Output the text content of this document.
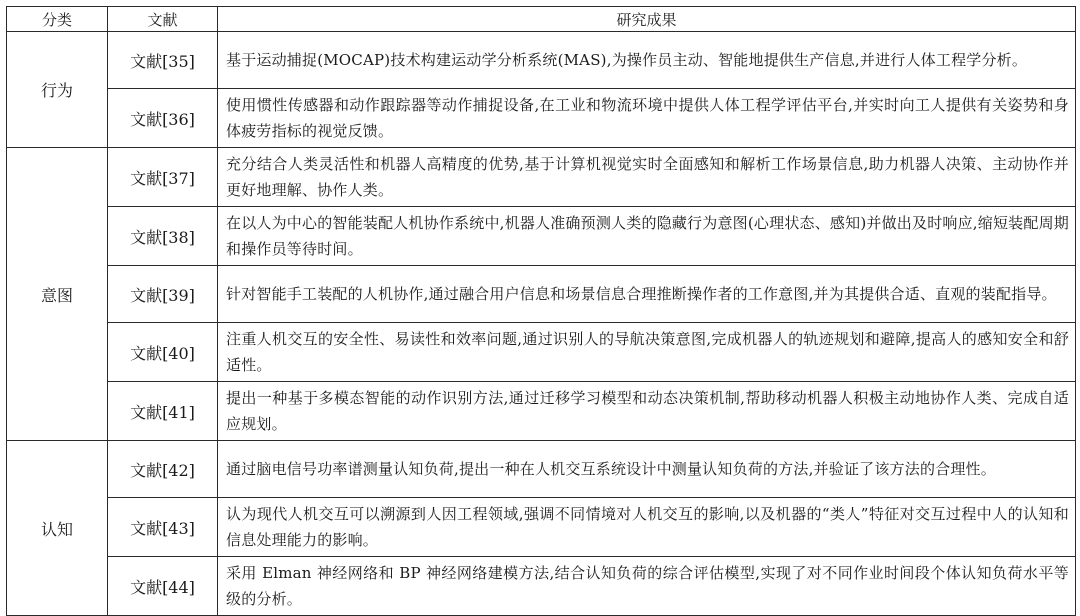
分类	文献	研究成果
行为	文献[35]	基于运动捕捉(MOCAP)技术构建运动学分析系统(MAS),为操作员主动、智能地提供生产信息,并进行人体工程学分析。
	文献[36]	使用惯性传感器和动作跟踪器等动作捕捉设备,在工业和物流环境中提供人体工程学评估平台,并实时向工人提供有关姿势和身体疲劳指标的视觉反馈。
意图	文献[37]	充分结合人类灵活性和机器人高精度的优势,基于计算机视觉实时全面感知和解析工作场景信息,助力机器人决策、主动协作并更好地理解、协作人类。
	文献[38]	在以人为中心的智能装配人机协作系统中,机器人准确预测人类的隐藏行为意图(心理状态、感知)并做出及时响应,缩短装配周期和操作员等待时间。
	文献[39]	针对智能手工装配的人机协作,通过融合用户信息和场景信息合理推断操作者的工作意图,并为其提供合适、直观的装配指导。
	文献[40]	注重人机交互的安全性、易读性和效率问题,通过识别人的导航决策意图,完成机器人的轨迹规划和避障,提高人的感知安全和舒适性。
	文献[41]	提出一种基于多模态智能的动作识别方法,通过迁移学习模型和动态决策机制,帮助移动机器人积极主动地协作人类、完成自适应规划。
认知	文献[42]	通过脑电信号功率谱测量认知负荷,提出一种在人机交互系统设计中测量认知负荷的方法,并验证了该方法的合理性。
	文献[43]	认为现代人机交互可以溯源到人因工程领域,强调不同情境对人机交互的影响,以及机器的“类人”特征对交互过程中人的认知和信息处理能力的影响。
	文献[44]	采用 Elman 神经网络和 BP 神经网络建模方法,结合认知负荷的综合评估模型,实现了对不同作业时间段个体认知负荷水平等级的分析。
